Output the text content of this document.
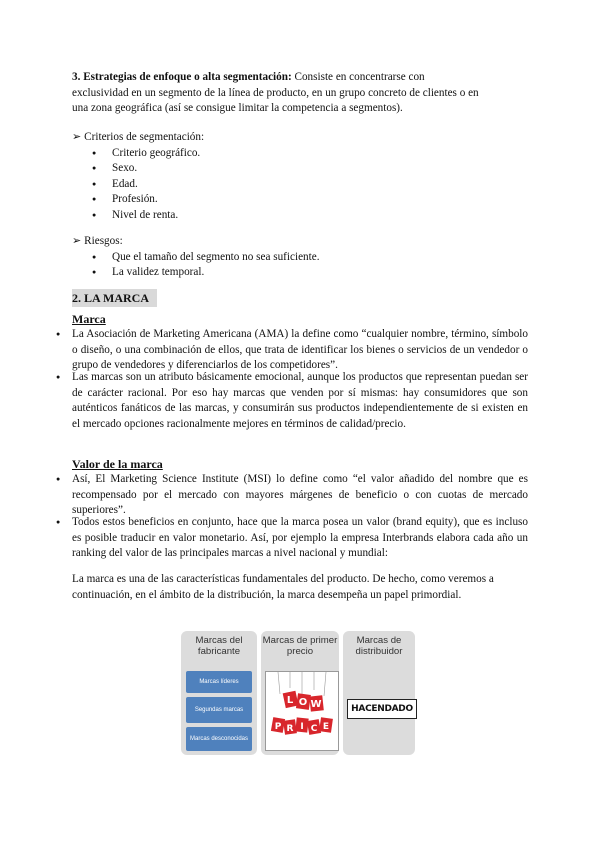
3. Estrategias de enfoque o alta segmentación: Consiste en concentrarse con

exclusividad en un segmento de la línea de producto, en un grupo concreto de clientes o en

una zona geográfica (así se consigue limitar la competencia a segmentos).

➢ Criterios de segmentación:
● Criterio geográfico.
● Sexo.
● Edad.
● Profesión.
● Nivel de renta.
➢ Riesgos:
● Que el tamaño del segmento no sea suficiente.
● La validez temporal.
2. LA MARCA
Marca
● La Asociación de Marketing Americana (AMA) la define como “cualquier nombre, término, símbolo o diseño, o una combinación de ellos, que trata de identificar los bienes o servicios de un vendedor o grupo de vendedores y diferenciarlos de los competidores”.
● Las marcas son un atributo básicamente emocional, aunque los productos que representan puedan ser de carácter racional. Por eso hay marcas que venden por sí mismas: hay consumidores que son auténticos fanáticos de las marcas, y consumirán sus productos independientemente de si existen en el mercado opciones racionalmente mejores en términos de calidad/precio.
Valor de la marca
● Así, El Marketing Science Institute (MSI) lo define como “el valor añadido del nombre que es recompensado por el mercado con mayores márgenes de beneficio o con cuotas de mercado superiores”.
● Todos estos beneficios en conjunto, hace que la marca posea un valor (brand equity), que es incluso es posible traducir en valor monetario. Así, por ejemplo la empresa Interbrands elabora cada año un ranking del valor de las principales marcas a nivel nacional y mundial:

La marca es una de las características fundamentales del producto. De hecho, como veremos a continuación, en el ámbito de la distribución, la marca desempeña un papel primordial.

Marcas del fabricante
Marcas líderes
Segundas marcas
Marcas desconocidas
Marcas de primer precio
L O W
P R I C E
Marcas de distribuidor
HACENDADO
